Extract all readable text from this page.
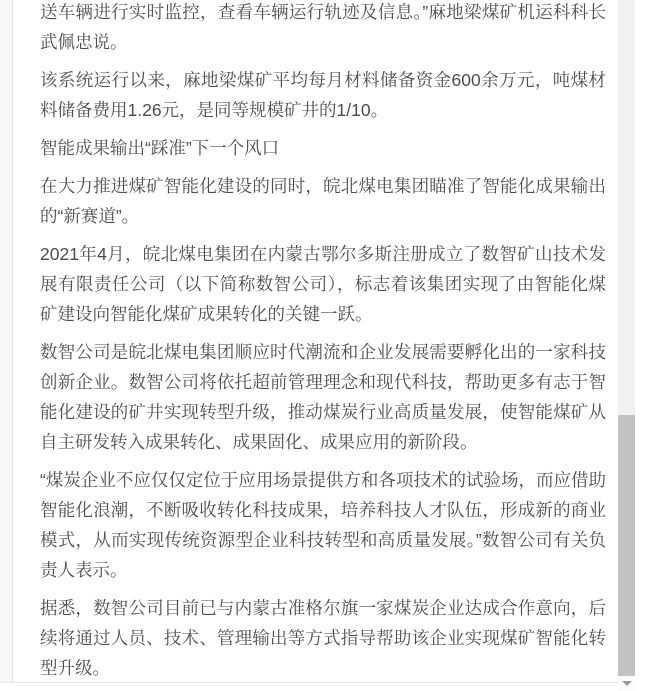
送车辆进行实时监控，查看车辆运行轨迹及信息。”麻地梁煤矿机运科科长武佩忠说。

该系统运行以来，麻地梁煤矿平均每月材料储备资金600余万元，吨煤材料储备费用1.26元，是同等规模矿井的1/10。

智能成果输出“踩准”下一个风口

在大力推进煤矿智能化建设的同时，皖北煤电集团瞄准了智能化成果输出的“新赛道”。

2021年4月，皖北煤电集团在内蒙古鄂尔多斯注册成立了数智矿山技术发展有限责任公司（以下简称数智公司），标志着该集团实现了由智能化煤矿建设向智能化煤矿成果转化的关键一跃。

数智公司是皖北煤电集团顺应时代潮流和企业发展需要孵化出的一家科技创新企业。数智公司将依托超前管理理念和现代科技，帮助更多有志于智能化建设的矿井实现转型升级，推动煤炭行业高质量发展，使智能煤矿从自主研发转入成果转化、成果固化、成果应用的新阶段。

“煤炭企业不应仅仅定位于应用场景提供方和各项技术的试验场，而应借助智能化浪潮，不断吸收转化科技成果，培养科技人才队伍，形成新的商业模式，从而实现传统资源型企业科技转型和高质量发展。”数智公司有关负责人表示。

据悉，数智公司目前已与内蒙古准格尔旗一家煤炭企业达成合作意向，后续将通过人员、技术、管理输出等方式指导帮助该企业实现煤矿智能化转型升级。
